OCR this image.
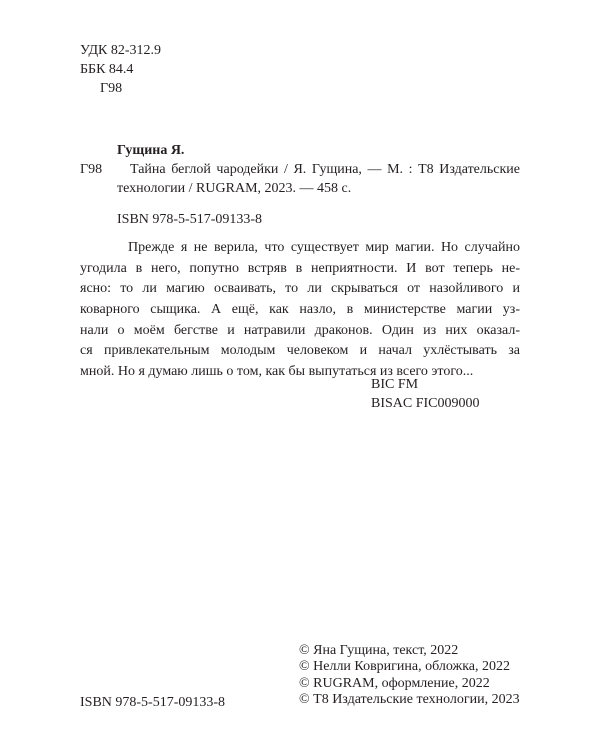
УДК 82-312.9
ББК 84.4
Г98
Гущина Я.
Г98 Тайна беглой чародейки / Я. Гущина, — М. : Т8 Издательские
технологии / RUGRAM, 2023. — 458 с.
ISBN 978-5-517-09133-8
Прежде я не верила, что существует мир магии. Но случайно
угодила в него, попутно встряв в неприятности. И вот теперь не-
ясно: то ли магию осваивать, то ли скрываться от назойливого и
коварного сыщика. А ещё, как назло, в министерстве магии уз-
нали о моём бегстве и натравили драконов. Один из них оказал-
ся привлекательным молодым человеком и начал ухлёстывать за
мной. Но я думаю лишь о том, как бы выпутаться из всего этого...
BIC FM
BISAC FIC009000
ISBN 978-5-517-09133-8
© Яна Гущина, текст, 2022
© Нелли Ковригина, обложка, 2022
© RUGRAM, оформление, 2022
© Т8 Издательские технологии, 2023
